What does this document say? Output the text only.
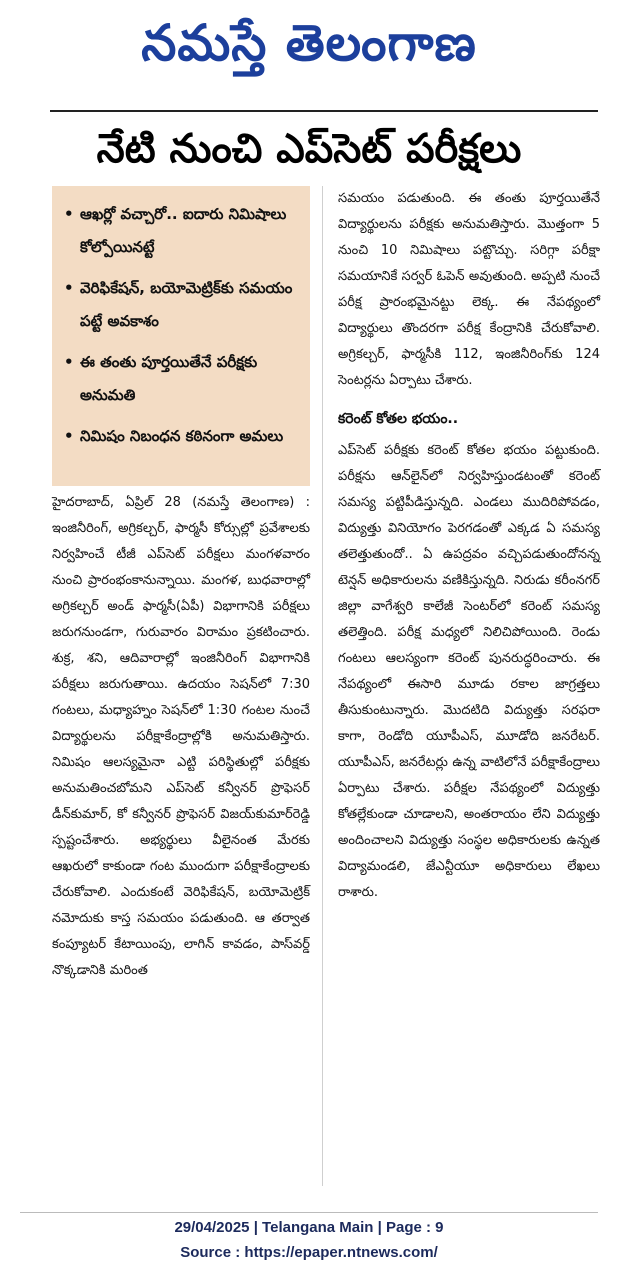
నమస్తే తెలంగాణ
నేటి నుంచి ఎప్‌సెట్ పరీక్షలు
• ఆఖర్లో వచ్చారో.. ఐదారు నిమిషాలు కోల్పోయినట్టే
• వెరిఫికేషన్, బయోమెట్రిక్‌కు సమయం పట్టే అవకాశం
• ఈ తంతు పూర్తయితేనే పరీక్షకు అనుమతి
• నిమిషం నిబంధన కఠినంగా అమలు

హైదరాబాద్, ఏప్రిల్ 28 (నమస్తే తెలంగాణ) : ఇంజినీరింగ్, అగ్రికల్చర్, ఫార్మసీ కోర్సుల్లో ప్రవేశాలకు నిర్వహించే టీజీ ఎప్‌సెట్ పరీక్షలు మంగళవారం నుంచి ప్రారంభంకానున్నాయి. మంగళ, బుధవారాల్లో అగ్రికల్చర్ అండ్ ఫార్మసీ(ఏపీ) విభాగానికి పరీక్షలు జరుగనుండగా, గురువారం విరామం ప్రకటించారు. శుక్ర, శని, ఆదివారాల్లో ఇంజినీరింగ్ విభాగానికి పరీక్షలు జరుగుతాయి. ఉదయం సెషన్‌లో 7:30 గంటలు, మధ్యాహ్నం సెషన్‌లో 1:30 గంటల నుంచే విద్యార్థులను పరీక్షాకేంద్రాల్లోకి అనుమతిస్తారు. నిమిషం ఆలస్యమైనా ఎట్టి పరిస్థితుల్లో పరీక్షకు అనుమతించబోమని ఎప్‌సెట్ కన్వీనర్ ప్రొఫెసర్ డీన్‌కుమార్, కో కన్వీనర్ ప్రొఫెసర్ విజయ్‌కుమార్‌రెడ్డి స్పష్టంచేశారు. అభ్యర్థులు వీలైనంత మేరకు ఆఖరులో కాకుండా గంట ముందుగా పరీక్షాకేంద్రాలకు చేరుకోవాలి. ఎందుకంటే వెరిఫికేషన్, బయోమెట్రిక్ నమోదుకు కాస్త సమయం పడుతుంది. ఆ తర్వాత కంప్యూటర్ కేటాయింపు, లాగిన్ కావడం, పాస్‌వర్డ్ నొక్కడానికి మరింత

సమయం పడుతుంది. ఈ తంతు పూర్తయితేనే విద్యార్థులను పరీక్షకు అనుమతిస్తారు. మొత్తంగా 5 నుంచి 10 నిమిషాలు పట్టొచ్చు. సరిగ్గా పరీక్షా సమయానికే సర్వర్ ఓపెన్ అవుతుంది. అప్పటి నుంచే పరీక్ష ప్రారంభమైనట్టు లెక్క. ఈ నేపథ్యంలో విద్యార్థులు తొందరగా పరీక్ష కేంద్రానికి చేరుకోవాలి. అగ్రికల్చర్, ఫార్మసీకి 112, ఇంజినీరింగ్‌కు 124 సెంటర్లను ఏర్పాటు చేశారు.

కరెంట్ కోతల భయం..

ఎప్‌సెట్ పరీక్షకు కరెంట్ కోతల భయం పట్టుకుంది. పరీక్షను ఆన్‌లైన్‌లో నిర్వహిస్తుండటంతో కరెంట్ సమస్య పట్టిపీడిస్తున్నది. ఎండలు ముదిరిపోవడం, విద్యుత్తు వినియోగం పెరగడంతో ఎక్కడ ఏ సమస్య తలెత్తుతుందో.. ఏ ఉపద్రవం వచ్చిపడుతుందోనన్న టెన్షన్ అధికారులను వణికిస్తున్నది. నిరుడు కరీంనగర్ జిల్లా వాగేశ్వరి కాలేజీ సెంటర్‌లో కరెంట్ సమస్య తలెత్తింది. పరీక్ష మధ్యలో నిలిచిపోయింది. రెండు గంటలు ఆలస్యంగా కరెంట్ పునరుద్ధరించారు. ఈ నేపథ్యంలో ఈసారి మూడు రకాల జాగ్రత్తలు తీసుకుంటున్నారు. మొదటిది విద్యుత్తు సరఫరా కాగా, రెండోది యూపీఎస్, మూడోది జనరేటర్. యూపీఎస్, జనరేటర్లు ఉన్న వాటిలోనే పరీక్షాకేంద్రాలు ఏర్పాటు చేశారు. పరీక్షల నేపథ్యంలో విద్యుత్తు కోతల్లేకుండా చూడాలని, అంతరాయం లేని విద్యుత్తు అందించాలని విద్యుత్తు సంస్థల అధికారులకు ఉన్నత విద్యామండలి, జేఎన్టీయూ అధికారులు లేఖలు రాశారు.

29/04/2025 | Telangana Main | Page : 9
Source : https://epaper.ntnews.com/
